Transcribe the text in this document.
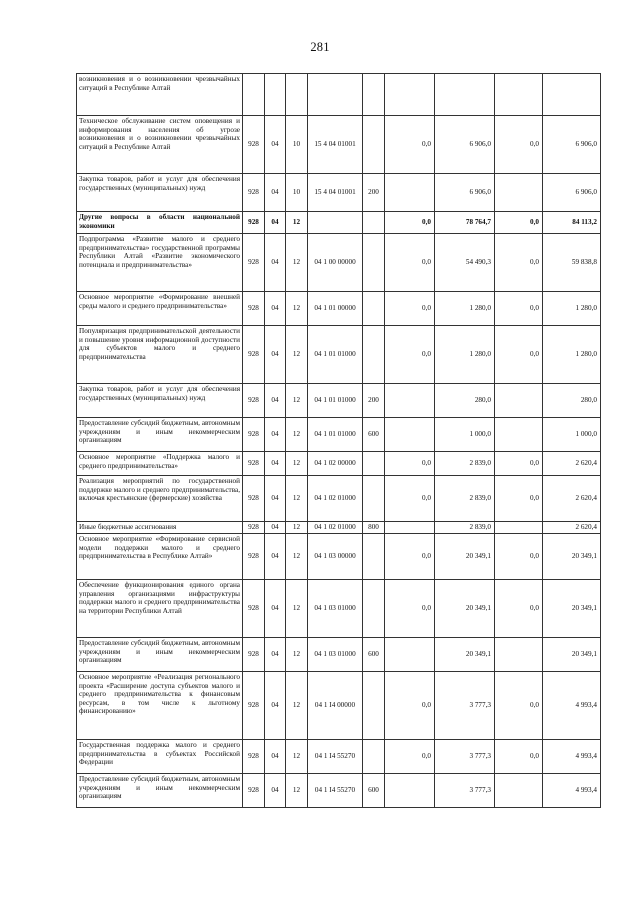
281
возникновения и о возникновении чрезвычайных ситуаций в Республике Алтай									
Техническое обслуживание систем оповещения и информирования населения об угрозе возникновения и о возникновении чрезвычайных ситуаций в Республике Алтай	928	04	10	15 4 04 01001		0,0	6 906,0	0,0	6 906,0
Закупка товаров, работ и услуг для обеспечения государственных (муниципальных) нужд	928	04	10	15 4 04 01001	200		6 906,0		6 906,0
Другие вопросы в области национальной экономики	928	04	12			0,0	78 764,7	0,0	84 113,2
Подпрограмма «Развитие малого и среднего предпринимательства» государственной программы Республики Алтай «Развитие экономического потенциала и предпринимательства»	928	04	12	04 1 00 00000		0,0	54 490,3	0,0	59 838,8
Основное мероприятие «Формирование внешней среды малого и среднего предпринимательства»	928	04	12	04 1 01 00000		0,0	1 280,0	0,0	1 280,0
Популяризация предпринимательской деятельности и повышение уровня информационной доступности для субъектов малого и среднего предпринимательства	928	04	12	04 1 01 01000		0,0	1 280,0	0,0	1 280,0
Закупка товаров, работ и услуг для обеспечения государственных (муниципальных) нужд	928	04	12	04 1 01 01000	200		280,0		280,0
Предоставление субсидий бюджетным, автономным учреждениям и иным некоммерческим организациям	928	04	12	04 1 01 01000	600		1 000,0		1 000,0
Основное мероприятие «Поддержка малого и среднего предпринимательства»	928	04	12	04 1 02 00000		0,0	2 839,0	0,0	2 620,4
Реализация мероприятий по государственной поддержке малого и среднего предпринимательства, включая крестьянские (фермерские) хозяйства	928	04	12	04 1 02 01000		0,0	2 839,0	0,0	2 620,4
Иные бюджетные ассигнования	928	04	12	04 1 02 01000	800		2 839,0		2 620,4
Основное мероприятие «Формирование сервисной модели поддержки малого и среднего предпринимательства в Республике Алтай»	928	04	12	04 1 03 00000		0,0	20 349,1	0,0	20 349,1
Обеспечение функционирования единого органа управления организациями инфраструктуры поддержки малого и среднего предпринимательства на территории Республики Алтай	928	04	12	04 1 03 01000		0,0	20 349,1	0,0	20 349,1
Предоставление субсидий бюджетным, автономным учреждениям и иным некоммерческим организациям	928	04	12	04 1 03 01000	600		20 349,1		20 349,1
Основное мероприятие «Реализация регионального проекта «Расширение доступа субъектов малого и среднего предпринимательства к финансовым ресурсам, в том числе к льготному финансированию»	928	04	12	04 1 I4 00000		0,0	3 777,3	0,0	4 993,4
Государственная поддержка малого и среднего предпринимательства в субъектах Российской Федерации	928	04	12	04 1 I4 55270		0,0	3 777,3	0,0	4 993,4
Предоставление субсидий бюджетным, автономным учреждениям и иным некоммерческим организациям	928	04	12	04 1 I4 55270	600		3 777,3		4 993,4
